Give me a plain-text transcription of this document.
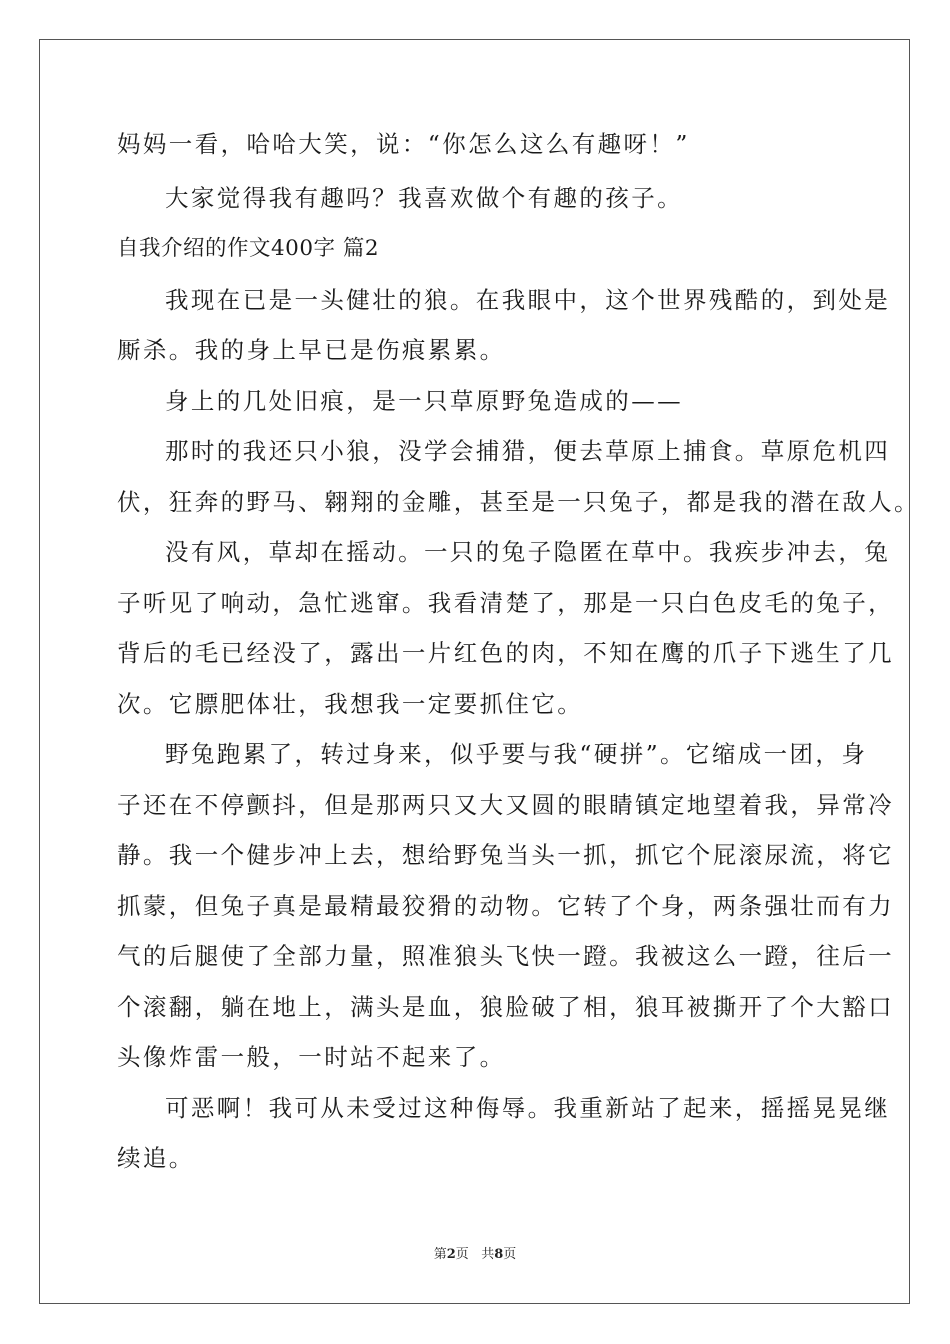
妈妈一看，哈哈大笑，说：“你怎么这么有趣呀！”
大家觉得我有趣吗？我喜欢做个有趣的孩子。
自我介绍的作文400字 篇2
我现在已是一头健壮的狼。在我眼中，这个世界残酷的，到处是
厮杀。我的身上早已是伤痕累累。
身上的几处旧痕，是一只草原野兔造成的——
那时的我还只小狼，没学会捕猎，便去草原上捕食。草原危机四
伏，狂奔的野马、翱翔的金雕，甚至是一只兔子，都是我的潜在敌人。
没有风，草却在摇动。一只的兔子隐匿在草中。我疾步冲去，兔
子听见了响动，急忙逃窜。我看清楚了，那是一只白色皮毛的兔子，
背后的毛已经没了，露出一片红色的肉，不知在鹰的爪子下逃生了几
次。它膘肥体壮，我想我一定要抓住它。
野兔跑累了，转过身来，似乎要与我“硬拼”。它缩成一团，身
子还在不停颤抖，但是那两只又大又圆的眼睛镇定地望着我，异常冷
静。我一个健步冲上去，想给野兔当头一抓，抓它个屁滚尿流，将它
抓蒙，但兔子真是最精最狡猾的动物。它转了个身，两条强壮而有力
气的后腿使了全部力量，照准狼头飞快一蹬。我被这么一蹬，往后一
个滚翻，躺在地上，满头是血，狼脸破了相，狼耳被撕开了个大豁口
头像炸雷一般，一时站不起来了。
可恶啊！我可从未受过这种侮辱。我重新站了起来，摇摇晃晃继
续追。
第2页 共8页
